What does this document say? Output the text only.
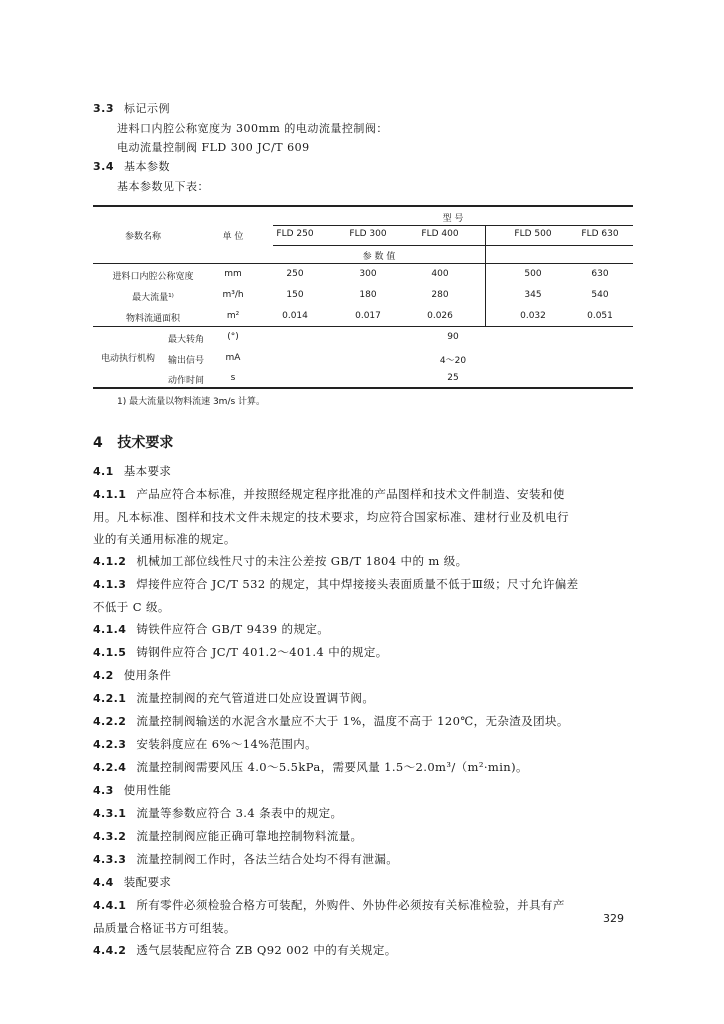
3.3 标记示例
进料口内腔公称宽度为 300mm 的电动流量控制阀：
电动流量控制阀 FLD 300 JC/T 609
3.4 基本参数
基本参数见下表：
型 号
参数名称	单 位	FLD 250	FLD 300	FLD 400	FLD 500	FLD 630
参 数 值
进料口内腔公称宽度	mm	250	300	400	500	630
最大流量¹⁾	m³/h	150	180	280	345	540
物料流通面积	m²	0.014	0.017	0.026	0.032	0.051
电动执行机构
最大转角	(°)	90
输出信号	mA	4～20
动作时间	s	25
1) 最大流量以物料流速 3m/s 计算。
4 技术要求
4.1 基本要求
4.1.1 产品应符合本标准，并按照经规定程序批准的产品图样和技术文件制造、安装和使
用。凡本标准、图样和技术文件未规定的技术要求，均应符合国家标准、建材行业及机电行
业的有关通用标准的规定。
4.1.2 机械加工部位线性尺寸的未注公差按 GB/T 1804 中的 m 级。
4.1.3 焊接件应符合 JC/T 532 的规定，其中焊接接头表面质量不低于Ⅲ级；尺寸允许偏差
不低于 C 级。
4.1.4 铸铁件应符合 GB/T 9439 的规定。
4.1.5 铸钢件应符合 JC/T 401.2～401.4 中的规定。
4.2 使用条件
4.2.1 流量控制阀的充气管道进口处应设置调节阀。
4.2.2 流量控制阀输送的水泥含水量应不大于 1%，温度不高于 120℃，无杂渣及团块。
4.2.3 安装斜度应在 6%～14%范围内。
4.2.4 流量控制阀需要风压 4.0～5.5kPa，需要风量 1.5～2.0m³/（m²·min)。
4.3 使用性能
4.3.1 流量等参数应符合 3.4 条表中的规定。
4.3.2 流量控制阀应能正确可靠地控制物料流量。
4.3.3 流量控制阀工作时，各法兰结合处均不得有泄漏。
4.4 装配要求
4.4.1 所有零件必须检验合格方可装配，外购件、外协件必须按有关标准检验，并具有产
品质量合格证书方可组装。
4.4.2 透气层装配应符合 ZB Q92 002 中的有关规定。
329
